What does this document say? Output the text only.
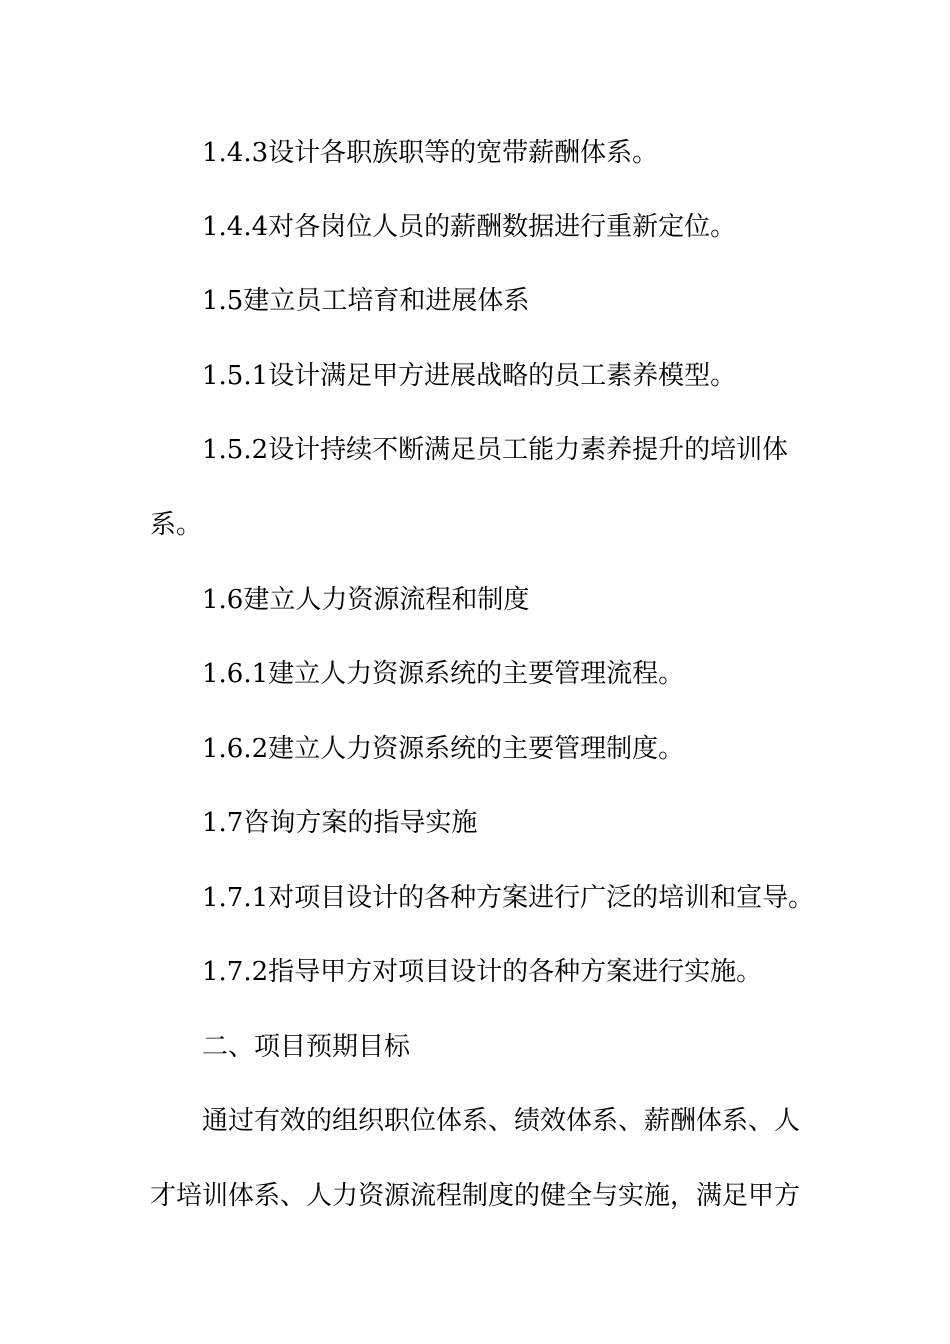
1.4.3设计各职族职等的宽带薪酬体系。
1.4.4对各岗位人员的薪酬数据进行重新定位。
1.5建立员工培育和进展体系
1.5.1设计满足甲方进展战略的员工素养模型。
1.5.2设计持续不断满足员工能力素养提升的培训体
系。
1.6建立人力资源流程和制度
1.6.1建立人力资源系统的主要管理流程。
1.6.2建立人力资源系统的主要管理制度。
1.7咨询方案的指导实施
1.7.1对项目设计的各种方案进行广泛的培训和宣导。
1.7.2指导甲方对项目设计的各种方案进行实施。
二、项目预期目标
通过有效的组织职位体系、绩效体系、薪酬体系、人
才培训体系、人力资源流程制度的健全与实施，满足甲方
